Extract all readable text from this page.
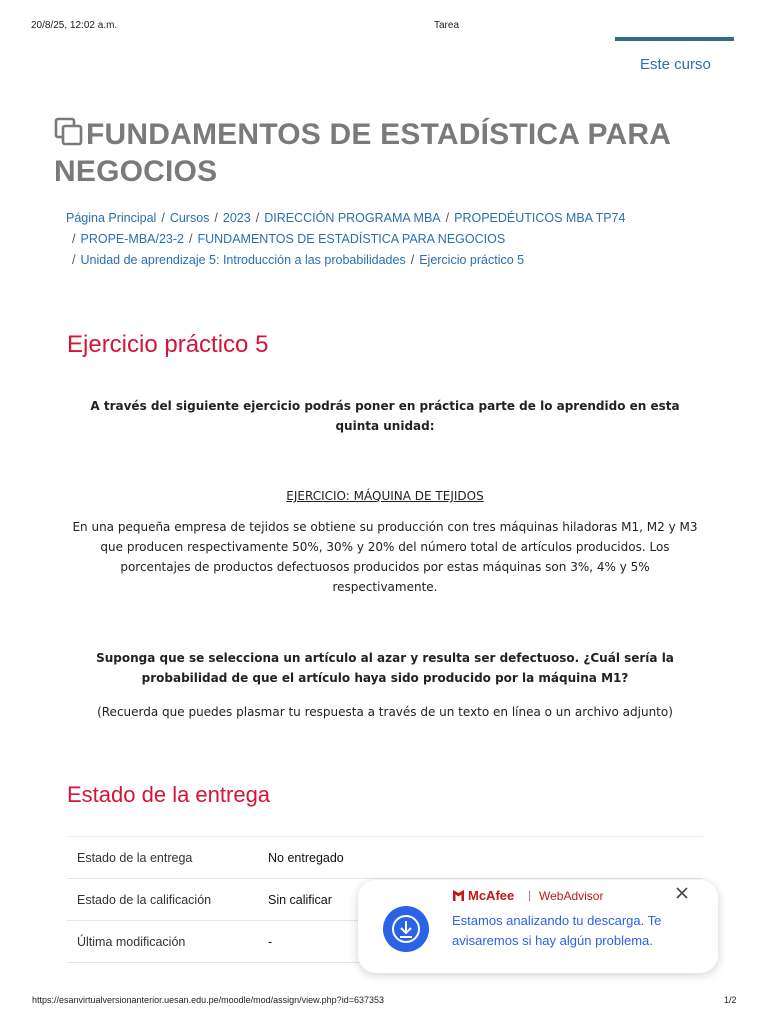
20/8/25, 12:02 a.m.	Tarea
Este curso
FUNDAMENTOS DE ESTADÍSTICA PARA NEGOCIOS
Página Principal / Cursos / 2023 / DIRECCIÓN PROGRAMA MBA / PROPEDÉUTICOS MBA TP74
/ PROPE-MBA/23-2 / FUNDAMENTOS DE ESTADÍSTICA PARA NEGOCIOS
/ Unidad de aprendizaje 5: Introducción a las probabilidades / Ejercicio práctico 5
Ejercicio práctico 5
A través del siguiente ejercicio podrás poner en práctica parte de lo aprendido en esta quinta unidad:
EJERCICIO: MÁQUINA DE TEJIDOS
En una pequeña empresa de tejidos se obtiene su producción con tres máquinas hiladoras M1, M2 y M3 que producen respectivamente 50%, 30% y 20% del número total de artículos producidos. Los porcentajes de productos defectuosos producidos por estas máquinas son 3%, 4% y 5% respectivamente.
Suponga que se selecciona un artículo al azar y resulta ser defectuoso. ¿Cuál sería la probabilidad de que el artículo haya sido producido por la máquina M1?
(Recuerda que puedes plasmar tu respuesta a través de un texto en línea o un archivo adjunto)
Estado de la entrega
Estado de la entrega	No entregado
Estado de la calificación	Sin calificar
Última modificación	-
McAfee | WebAdvisor
Estamos analizando tu descarga. Te avisaremos si hay algún problema.
https://esanvirtualversionanterior.uesan.edu.pe/moodle/mod/assign/view.php?id=637353	1/2
